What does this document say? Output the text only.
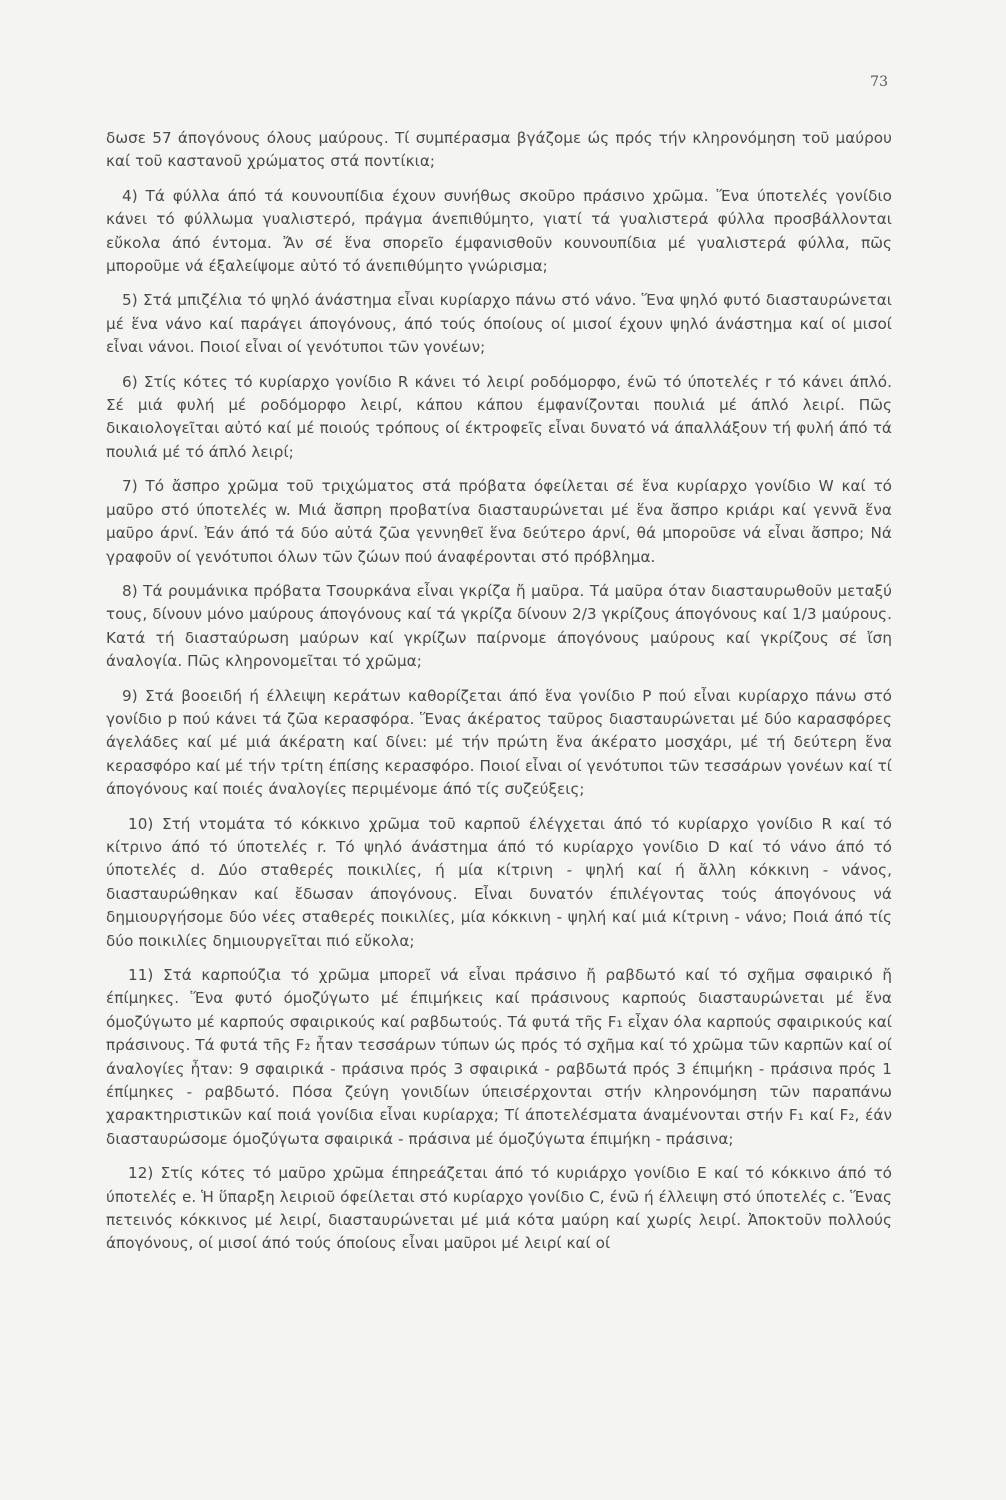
73

δωσε 57 άπογόνους όλους μαύρους. Τί συμπέρασμα βγάζομε ώς πρός τήν κληρονόμηση τοῦ μαύρου καί τοῦ καστανοῦ χρώματος στά ποντίκια;

4) Τά φύλλα άπό τά κουνουπίδια έχουν συνήθως σκοῦρο πράσινο χρῶμα. Ἕνα ύποτελές γονίδιο κάνει τό φύλλωμα γυαλιστερό, πράγμα άνεπιθύμητο, γιατί τά γυαλιστερά φύλλα προσβάλλονται εὔκολα άπό έντομα. Ἄν σέ ἕνα σπορεῖο έμφανισθοῦν κουνουπίδια μέ γυαλιστερά φύλλα, πῶς μποροῦμε νά έξαλείψομε αὐτό τό άνεπιθύμητο γνώρισμα;

5) Στά μπιζέλια τό ψηλό άνάστημα εἶναι κυρίαρχο πάνω στό νάνο. Ἕνα ψηλό φυτό διασταυρώνεται μέ ἕνα νάνο καί παράγει άπογόνους, άπό τούς όποίους οί μισοί έχουν ψηλό άνάστημα καί οί μισοί εἶναι νάνοι. Ποιοί εἶναι οί γενότυποι τῶν γονέων;

6) Στίς κότες τό κυρίαρχο γονίδιο R κάνει τό λειρί ροδόμορφο, ένῶ τό ύποτελές r τό κάνει άπλό. Σέ μιά φυλή μέ ροδόμορφο λειρί, κάπου κάπου έμφανίζονται πουλιά μέ άπλό λειρί. Πῶς δικαιολογεῖται αὐτό καί μέ ποιούς τρόπους οί έκτροφεῖς εἶναι δυνατό νά άπαλλάξουν τή φυλή άπό τά πουλιά μέ τό άπλό λειρί;

7) Τό ἄσπρο χρῶμα τοῦ τριχώματος στά πρόβατα όφείλεται σέ ἕνα κυρίαρχο γονίδιο W καί τό μαῦρο στό ύποτελές w. Μιά ἄσπρη προβατίνα διασταυρώνεται μέ ἕνα ἄσπρο κριάρι καί γεννᾶ ἕνα μαῦρο άρνί. Ἐάν άπό τά δύο αὐτά ζῶα γεννηθεῖ ἕνα δεύτερο άρνί, θά μποροῦσε νά εἶναι ἄσπρο; Νά γραφοῦν οί γενότυποι όλων τῶν ζώων πού άναφέρονται στό πρόβλημα.

8) Τά ρουμάνικα πρόβατα Τσουρκάνα εἶναι γκρίζα ἤ μαῦρα. Τά μαῦρα όταν διασταυρωθοῦν μεταξύ τους, δίνουν μόνο μαύρους άπογόνους καί τά γκρίζα δίνουν 2/3 γκρίζους άπογόνους καί 1/3 μαύρους. Κατά τή διασταύρωση μαύρων καί γκρίζων παίρνομε άπογόνους μαύρους καί γκρίζους σέ ἴση άναλογία. Πῶς κληρονομεῖται τό χρῶμα;

9) Στά βοοειδή ή έλλειψη κεράτων καθορίζεται άπό ἕνα γονίδιο P πού εἶναι κυρίαρχο πάνω στό γονίδιο p πού κάνει τά ζῶα κερασφόρα. Ἕνας άκέρατος ταῦρος διασταυρώνεται μέ δύο καρασφόρες άγελάδες καί μέ μιά άκέρατη καί δίνει: μέ τήν πρώτη ἕνα άκέρατο μοσχάρι, μέ τή δεύτερη ἕνα κερασφόρο καί μέ τήν τρίτη έπίσης κερασφόρο. Ποιοί εἶναι οί γενότυποι τῶν τεσσάρων γονέων καί τί άπογόνους καί ποιές άναλογίες περιμένομε άπό τίς συζεύξεις;

10) Στή ντομάτα τό κόκκινο χρῶμα τοῦ καρποῦ έλέγχεται άπό τό κυρίαρχο γονίδιο R καί τό κίτρινο άπό τό ύποτελές r. Τό ψηλό άνάστημα άπό τό κυρίαρχο γονίδιο D καί τό νάνο άπό τό ύποτελές d. Δύο σταθερές ποικιλίες, ή μία κίτρινη - ψηλή καί ή ἄλλη κόκκινη - νάνος, διασταυρώθηκαν καί ἔδωσαν άπογόνους. Εἶναι δυνατόν έπιλέγοντας τούς άπογόνους νά δημιουργήσομε δύο νέες σταθερές ποικιλίες, μία κόκκινη - ψηλή καί μιά κίτρινη - νάνο; Ποιά άπό τίς δύο ποικιλίες δημιουργεῖται πιό εὔκολα;

11) Στά καρπούζια τό χρῶμα μπορεῖ νά εἶναι πράσινο ἤ ραβδωτό καί τό σχῆμα σφαιρικό ἤ έπίμηκες. Ἕνα φυτό όμοζύγωτο μέ έπιμήκεις καί πράσινους καρπούς διασταυρώνεται μέ ἕνα όμοζύγωτο μέ καρπούς σφαιρικούς καί ραβδωτούς. Τά φυτά τῆς F₁ εἶχαν όλα καρπούς σφαιρικούς καί πράσινους. Τά φυτά τῆς F₂ ἦταν τεσσάρων τύπων ώς πρός τό σχῆμα καί τό χρῶμα τῶν καρπῶν καί οί άναλογίες ἦταν: 9 σφαιρικά - πράσινα πρός 3 σφαιρικά - ραβδωτά πρός 3 έπιμήκη - πράσινα πρός 1 έπίμηκες - ραβδωτό. Πόσα ζεύγη γονιδίων ύπεισέρχονται στήν κληρονόμηση τῶν παραπάνω χαρακτηριστικῶν καί ποιά γονίδια εἶναι κυρίαρχα; Τί άποτελέσματα άναμένονται στήν F₁ καί F₂, έάν διασταυρώσομε όμοζύγωτα σφαιρικά - πράσινα μέ όμοζύγωτα έπιμήκη - πράσινα;

12) Στίς κότες τό μαῦρο χρῶμα έπηρεάζεται άπό τό κυριάρχο γονίδιο E καί τό κόκκινο άπό τό ύποτελές e. Ἡ ὕπαρξη λειριοῦ όφείλεται στό κυρίαρχο γονίδιο C, ένῶ ή έλλειψη στό ύποτελές c. Ἕνας πετεινός κόκκινος μέ λειρί, διασταυρώνεται μέ μιά κότα μαύρη καί χωρίς λειρί. Ἀποκτοῦν πολλούς άπογόνους, οί μισοί άπό τούς όποίους εἶναι μαῦροι μέ λειρί καί οί
